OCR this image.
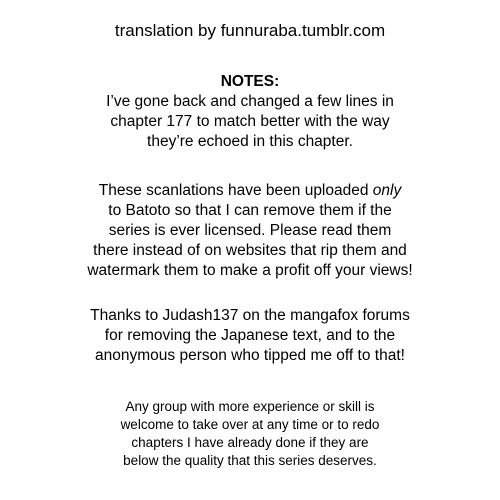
translation by funnuraba.tumblr.com
NOTES:
I’ve gone back and changed a few lines in
chapter 177 to match better with the way
they’re echoed in this chapter.
These scanlations have been uploaded only
to Batoto so that I can remove them if the
series is ever licensed. Please read them
there instead of on websites that rip them and
watermark them to make a profit off your views!
Thanks to Judash137 on the mangafox forums
for removing the Japanese text, and to the
anonymous person who tipped me off to that!
Any group with more experience or skill is
welcome to take over at any time or to redo
chapters I have already done if they are
below the quality that this series deserves.
